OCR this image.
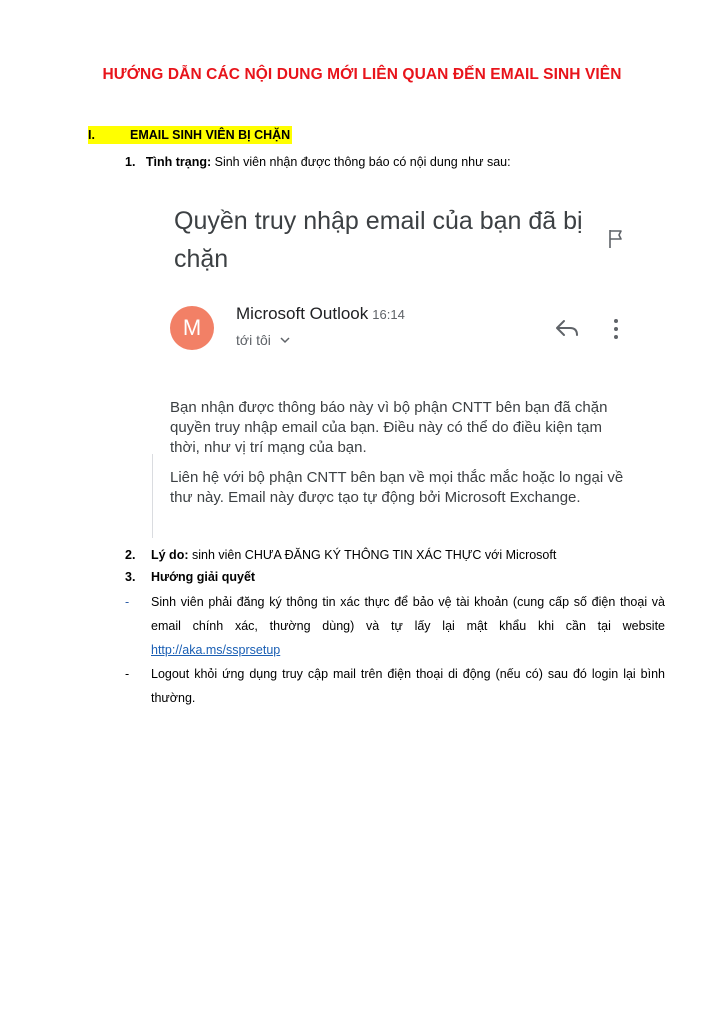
HƯỚNG DẪN CÁC NỘI DUNG MỚI LIÊN QUAN ĐẾN EMAIL SINH VIÊN
I.	EMAIL SINH VIÊN BỊ CHẶN
1. Tình trạng: Sinh viên nhận được thông báo có nội dung như sau:
Quyền truy nhập email của bạn đã bị chặn
M
Microsoft Outlook 16:14
tới tôi
Bạn nhận được thông báo này vì bộ phận CNTT bên bạn đã chặn quyền truy nhập email của bạn. Điều này có thể do điều kiện tạm thời, như vị trí mạng của bạn.
Liên hệ với bộ phận CNTT bên bạn về mọi thắc mắc hoặc lo ngại về thư này. Email này được tạo tự động bởi Microsoft Exchange.
2. Lý do: sinh viên CHƯA ĐĂNG KÝ THÔNG TIN XÁC THỰC với Microsoft
3. Hướng giải quyết
- Sinh viên phải đăng ký thông tin xác thực để bảo vệ tài khoản (cung cấp số điện thoại và email chính xác, thường dùng) và tự lấy lại mật khẩu khi cần tại website http://aka.ms/ssprsetup
- Logout khỏi ứng dụng truy cập mail trên điện thoại di động (nếu có) sau đó login lại bình thường.
